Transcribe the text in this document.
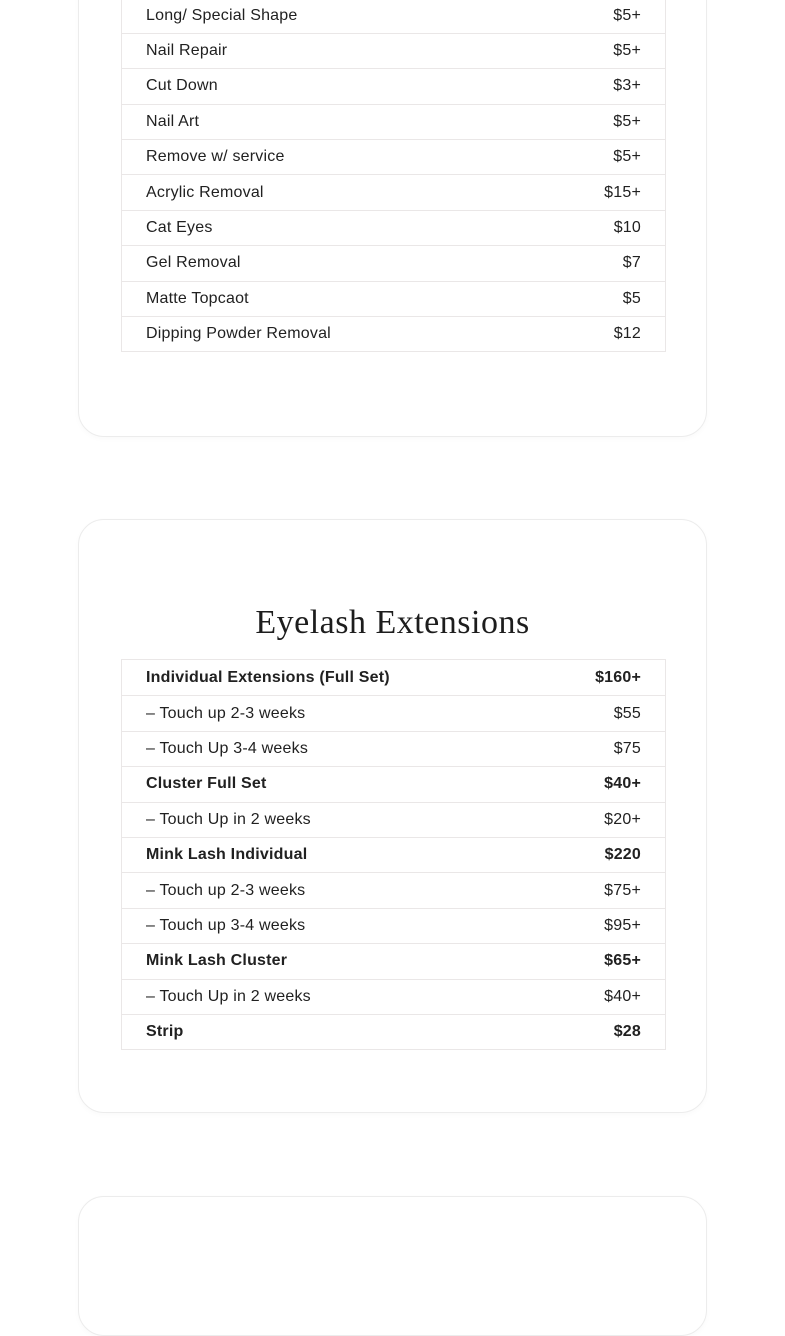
Long/ Special Shape	$5+
Nail Repair	$5+
Cut Down	$3+
Nail Art	$5+
Remove w/ service	$5+
Acrylic Removal	$15+
Cat Eyes	$10
Gel Removal	$7
Matte Topcaot	$5
Dipping Powder Removal	$12
Eyelash Extensions
Individual Extensions (Full Set)	$160+
– Touch up 2-3 weeks	$55
– Touch Up 3-4 weeks	$75
Cluster Full Set	$40+
– Touch Up in 2 weeks	$20+
Mink Lash Individual	$220
– Touch up 2-3 weeks	$75+
– Touch up 3-4 weeks	$95+
Mink Lash Cluster	$65+
– Touch Up in 2 weeks	$40+
Strip	$28
